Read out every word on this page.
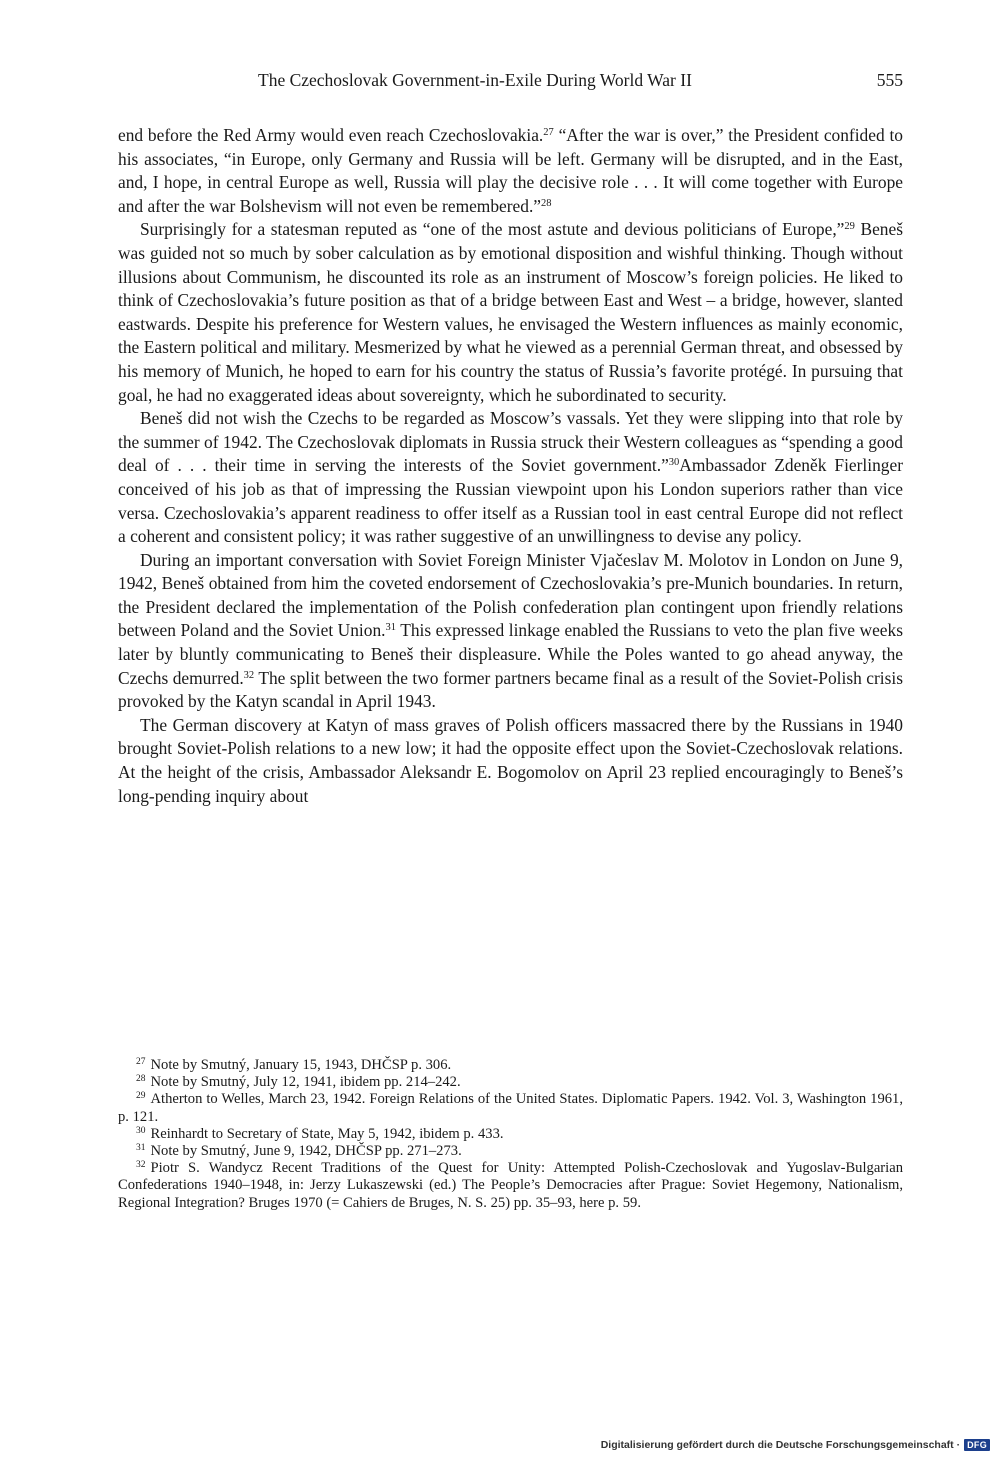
The Czechoslovak Government-in-Exile During World War II	555

end before the Red Army would even reach Czechoslovakia.$^{27}$ “After the war is over,” the President confided to his associates, “in Europe, only Germany and Russia will be left. Germany will be disrupted, and in the East, and, I hope, in central Europe as well, Russia will play the decisive role . . . It will come together with Europe and after the war Bolshevism will not even be remembered.”$^{28}$

Surprisingly for a statesman reputed as “one of the most astute and devious politicians of Europe,”$^{29}$ Beneš was guided not so much by sober calculation as by emotional disposition and wishful thinking. Though without illusions about Communism, he discounted its role as an instrument of Moscow’s foreign policies. He liked to think of Czechoslovakia’s future position as that of a bridge between East and West – a bridge, however, slanted eastwards. Despite his preference for Western values, he envisaged the Western influences as mainly economic, the Eastern political and military. Mesmerized by what he viewed as a perennial German threat, and obsessed by his memory of Munich, he hoped to earn for his country the status of Russia’s favorite protégé. In pursuing that goal, he had no exaggerated ideas about sovereignty, which he subordinated to security.

Beneš did not wish the Czechs to be regarded as Moscow’s vassals. Yet they were slipping into that role by the summer of 1942. The Czechoslovak diplomats in Russia struck their Western colleagues as “spending a good deal of . . . their time in serving the interests of the Soviet government.”$^{30}$Ambassador Zdeněk Fierlinger conceived of his job as that of impressing the Russian viewpoint upon his London superiors rather than vice versa. Czechoslovakia’s apparent readiness to offer itself as a Russian tool in east central Europe did not reflect a coherent and consistent policy; it was rather suggestive of an unwillingness to devise any policy.

During an important conversation with Soviet Foreign Minister Vjačeslav M. Molotov in London on June 9, 1942, Beneš obtained from him the coveted endorsement of Czechoslovakia’s pre-Munich boundaries. In return, the President declared the implementation of the Polish confederation plan contingent upon friendly relations between Poland and the Soviet Union.$^{31}$ This expressed linkage enabled the Russians to veto the plan five weeks later by bluntly communicating to Beneš their displeasure. While the Poles wanted to go ahead anyway, the Czechs demurred.$^{32}$ The split between the two former partners became final as a result of the Soviet-Polish crisis provoked by the Katyn scandal in April 1943.

The German discovery at Katyn of mass graves of Polish officers massacred there by the Russians in 1940 brought Soviet-Polish relations to a new low; it had the opposite effect upon the Soviet-Czechoslovak relations. At the height of the crisis, Ambassador Aleksandr E. Bogomolov on April 23 replied encouragingly to Beneš’s long-pending inquiry about

$^{27}$ Note by Smutný, January 15, 1943, DHČSP p. 306.

$^{28}$ Note by Smutný, July 12, 1941, ibidem pp. 214–242.

$^{29}$ Atherton to Welles, March 23, 1942. Foreign Relations of the United States. Diplomatic Papers. 1942. Vol. 3, Washington 1961, p. 121.

$^{30}$ Reinhardt to Secretary of State, May 5, 1942, ibidem p. 433.

$^{31}$ Note by Smutný, June 9, 1942, DHČSP pp. 271–273.

$^{32}$ Piotr S. Wandycz Recent Traditions of the Quest for Unity: Attempted Polish-Czechoslovak and Yugoslav-Bulgarian Confederations 1940–1948, in: Jerzy Lukaszewski (ed.) The People’s Democracies after Prague: Soviet Hegemony, Nationalism, Regional Integration? Bruges 1970 (= Cahiers de Bruges, N. S. 25) pp. 35–93, here p. 59.

Digitalisierung gefördert durch die Deutsche Forschungsgemeinschaft · DFG
